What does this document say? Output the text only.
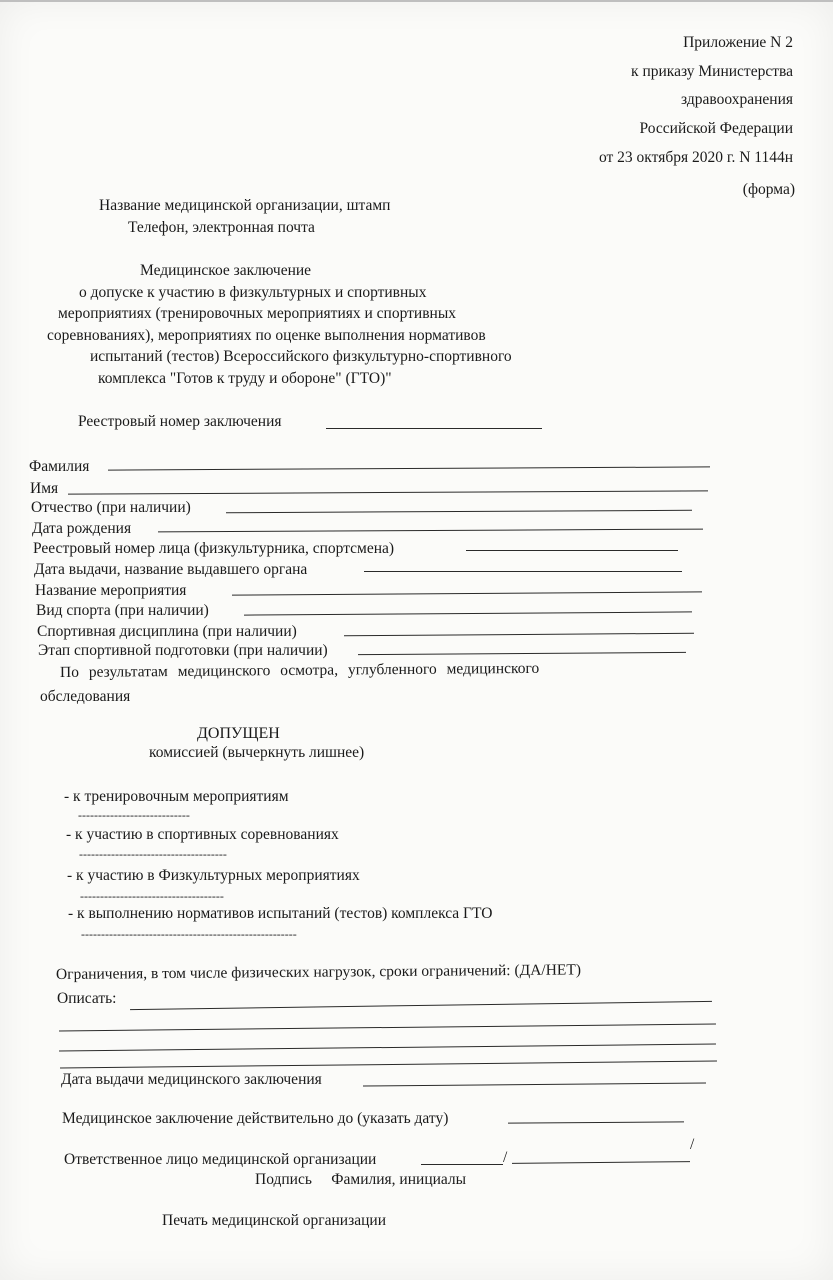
Приложение N 2
к приказу Министерства
здравоохранения
Российской Федерации
от 23 октября 2020 г. N 1144н
(форма)
Название медицинской организации, штамп
Телефон, электронная почта
Медицинское заключение
о допуске к участию в физкультурных и спортивных
мероприятиях (тренировочных мероприятиях и спортивных
соревнованиях), мероприятиях по оценке выполнения нормативов
испытаний (тестов) Всероссийского физкультурно-спортивного
комплекса "Готов к труду и обороне" (ГТО)"
Реестровый номер заключения
Фамилия
Имя
Отчество (при наличии)
Дата рождения
Реестровый номер лица (физкультурника, спортсмена)
Дата выдачи, название выдавшего органа
Название мероприятия
Вид спорта (при наличии)
Спортивная дисциплина (при наличии)
Этап спортивной подготовки (при наличии)
По результатам медицинского осмотра, углубленного медицинского
обследования
ДОПУЩЕН
комиссией (вычеркнуть лишнее)
- к тренировочным мероприятиям
----------------------------
- к участию в спортивных соревнованиях
-------------------------------------
- к участию в Физкультурных мероприятиях
------------------------------------
- к выполнению нормативов испытаний (тестов) комплекса ГТО
------------------------------------------------------
Ограничения, в том числе физических нагрузок, сроки ограничений: (ДА/НЕТ)
Описать:
Дата выдачи медицинского заключения
Медицинское заключение действительно до (указать дату)
Ответственное лицо медицинской организации	/
/
Подпись     Фамилия, инициалы
Печать медицинской организации
